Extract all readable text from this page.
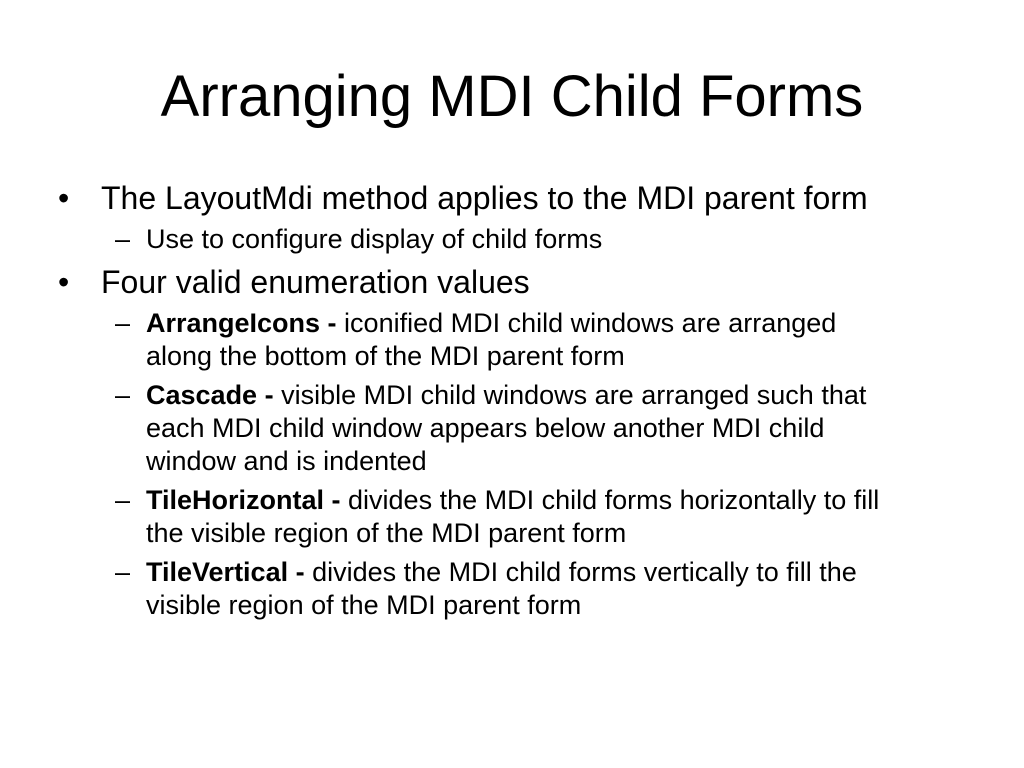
Arranging MDI Child Forms
• The LayoutMdi method applies to the MDI parent form
– Use to configure display of child forms
• Four valid enumeration values
– ArrangeIcons - iconified MDI child windows are arranged along the bottom of the MDI parent form
– Cascade - visible MDI child windows are arranged such that each MDI child window appears below another MDI child window and is indented
– TileHorizontal - divides the MDI child forms horizontally to fill the visible region of the MDI parent form
– TileVertical - divides the MDI child forms vertically to fill the visible region of the MDI parent form
